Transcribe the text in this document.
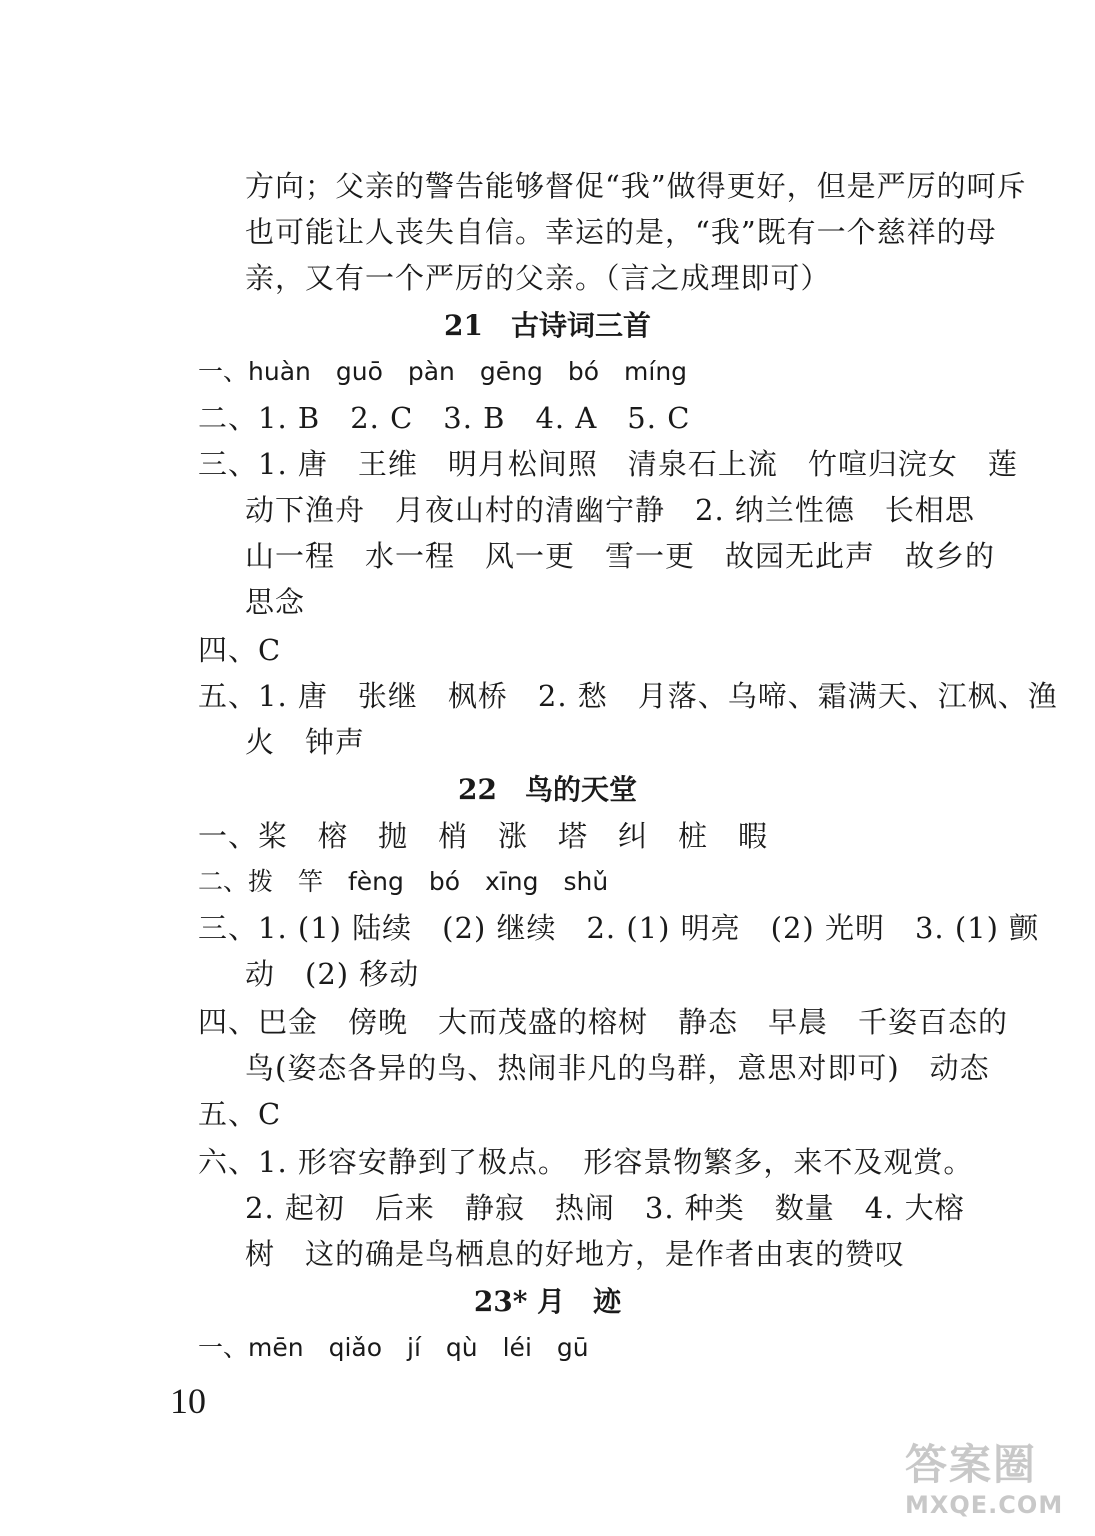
方向；父亲的警告能够督促“我”做得更好，但是严厉的呵斥
也可能让人丧失自信。幸运的是，“我”既有一个慈祥的母
亲，又有一个严厉的父亲。（言之成理即可）
21　古诗词三首
一、huàn　guō　pàn　gēng　bó　míng
二、1. B　2. C　3. B　4. A　5. C
三、1. 唐　王维　明月松间照　清泉石上流　竹喧归浣女　莲
动下渔舟　月夜山村的清幽宁静　2. 纳兰性德　长相思
山一程　水一程　风一更　雪一更　故园无此声　故乡的
思念
四、C
五、1. 唐　张继　枫桥　2. 愁　月落、乌啼、霜满天、江枫、渔
火　钟声
22　鸟的天堂
一、桨　榕　抛　梢　涨　塔　纠　桩　暇
二、拨　竿　fèng　bó　xīng　shǔ
三、1. (1) 陆续　(2) 继续　2. (1) 明亮　(2) 光明　3. (1) 颤
动　(2) 移动
四、巴金　傍晚　大而茂盛的榕树　静态　早晨　千姿百态的
鸟(姿态各异的鸟、热闹非凡的鸟群，意思对即可)　动态
五、C
六、1. 形容安静到了极点。　形容景物繁多，来不及观赏。
2. 起初　后来　静寂　热闹　3. 种类　数量　4. 大榕
树　这的确是鸟栖息的好地方，是作者由衷的赞叹
23* 月　迹
一、mēn　qiǎo　jí　qù　léi　gū
10
答案圈
MXQE.COM
